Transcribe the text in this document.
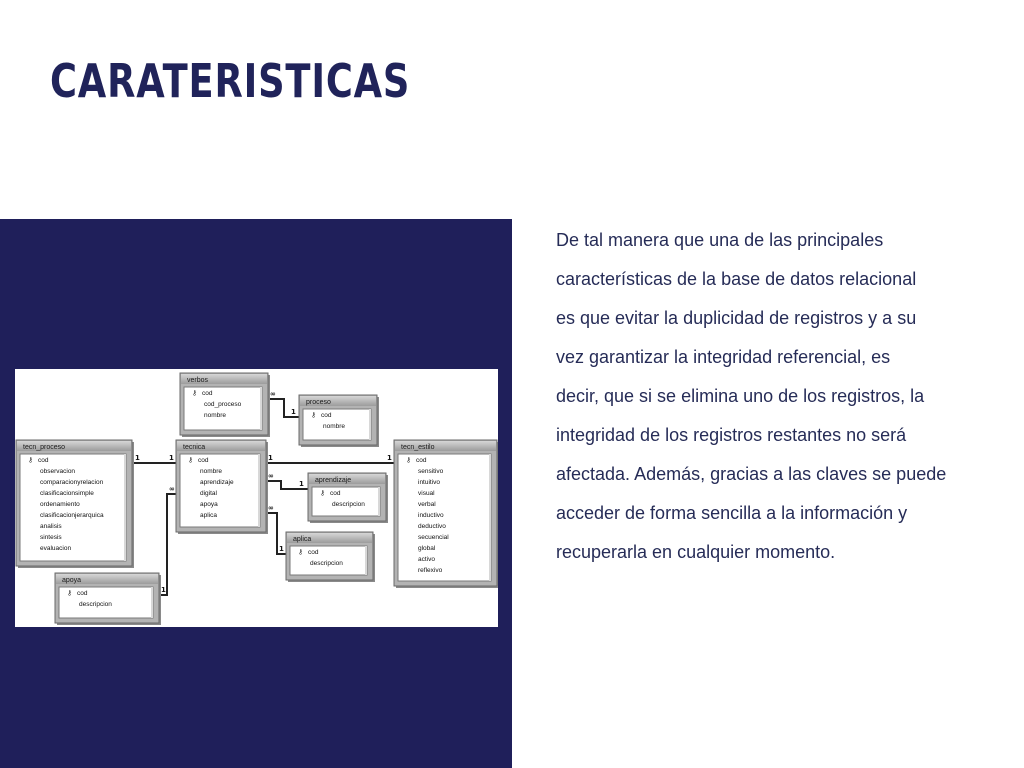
CARATERISTICAS
verbos
⚷ cod
cod_proceso
nombre
proceso
⚷ cod
nombre
tecn_proceso
⚷ cod
observacion
comparacionyrelacion
clasificacionsimple
ordenamiento
clasificacionjerarquica
analisis
sintesis
evaluacion
tecnica
⚷ cod
nombre
aprendizaje
digital
apoya
aplica
tecn_estilo
⚷ cod
sensitivo
intuitivo
visual
verbal
inductivo
deductivo
secuencial
global
activo
reflexivo
aprendizaje
⚷ cod
descripcion
aplica
⚷ cod
descripcion
apoya
⚷ cod
descripcion
1	1	1	1
∞
1
∞
1
∞
1
∞
1

De tal manera que una de las principales
características de la base de datos relacional
es que evitar la duplicidad de registros y a su
vez garantizar la integridad referencial, es
decir, que si se elimina uno de los registros, la
integridad de los registros restantes no será
afectada. Además, gracias a las claves se puede
acceder de forma sencilla a la información y
recuperarla en cualquier momento.
